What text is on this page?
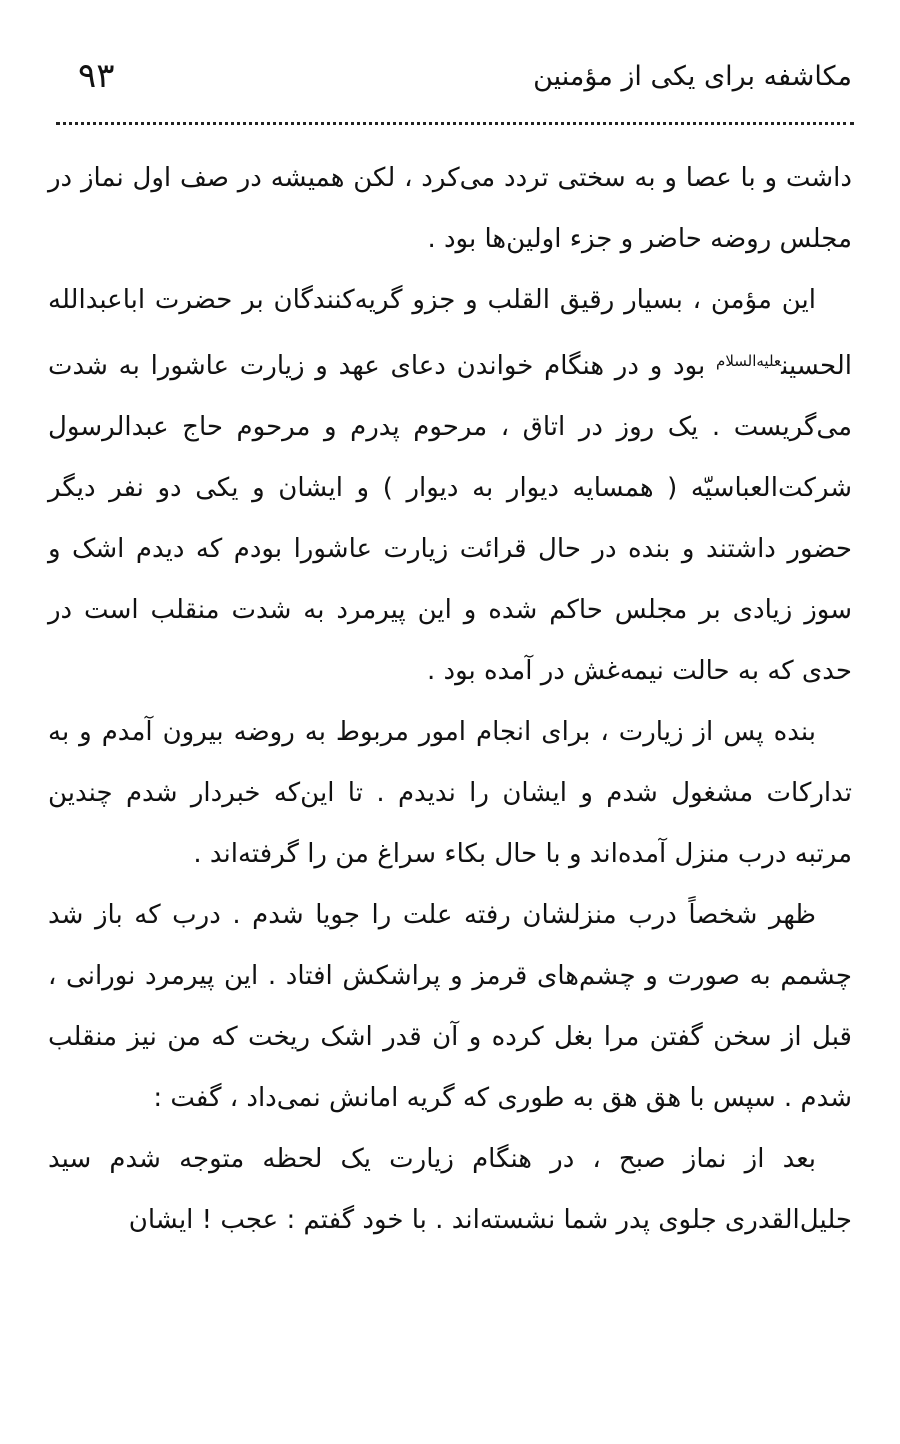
مکاشفه برای یکی از مؤمنین
۹۳

داشت و با عصا و به سختی تردد می‌کرد ، لکن همیشه در صف اول نماز در مجلس روضه حاضر و جزء اولین‌ها بود .

این مؤمن ، بسیار رقیق القلب و جزو گریه‌کنندگان بر حضرت اباعبدالله الحسین$^{علیه‌السلام}$ بود و در هنگام خواندن دعای عهد و زیارت عاشورا به شدت می‌گریست . یک روز در اتاق ، مرحوم پدرم و مرحوم حاج عبدالرسول شرکت‌العباسیّه ( همسایه دیوار به دیوار ) و ایشان و یکی دو نفر دیگر حضور داشتند و بنده در حال قرائت زیارت عاشورا بودم که دیدم اشک و سوز زیادی بر مجلس حاکم شده و این پیرمرد به شدت منقلب است در حدی که به حالت نیمه‌غش در آمده بود .

بنده پس از زیارت ، برای انجام امور مربوط به روضه بیرون آمدم و به تدارکات مشغول شدم و ایشان را ندیدم . تا این‌که خبردار شدم چندین مرتبه درب منزل آمده‌اند و با حال بکاء سراغ من را گرفته‌اند .

ظهر شخصاً درب منزلشان رفته علت را جویا شدم . درب که باز شد چشمم به صورت و چشم‌های قرمز و پراشکش افتاد . این پیرمرد نورانی ، قبل از سخن گفتن مرا بغل کرده و آن قدر اشک ریخت که من نیز منقلب شدم . سپس با هق هق به طوری که گریه امانش نمی‌داد ، گفت :

بعد از نماز صبح ، در هنگام زیارت یک لحظه متوجه شدم سید جلیل‌القدری جلوی پدر شما نشسته‌اند . با خود گفتم : عجب ! ایشان
